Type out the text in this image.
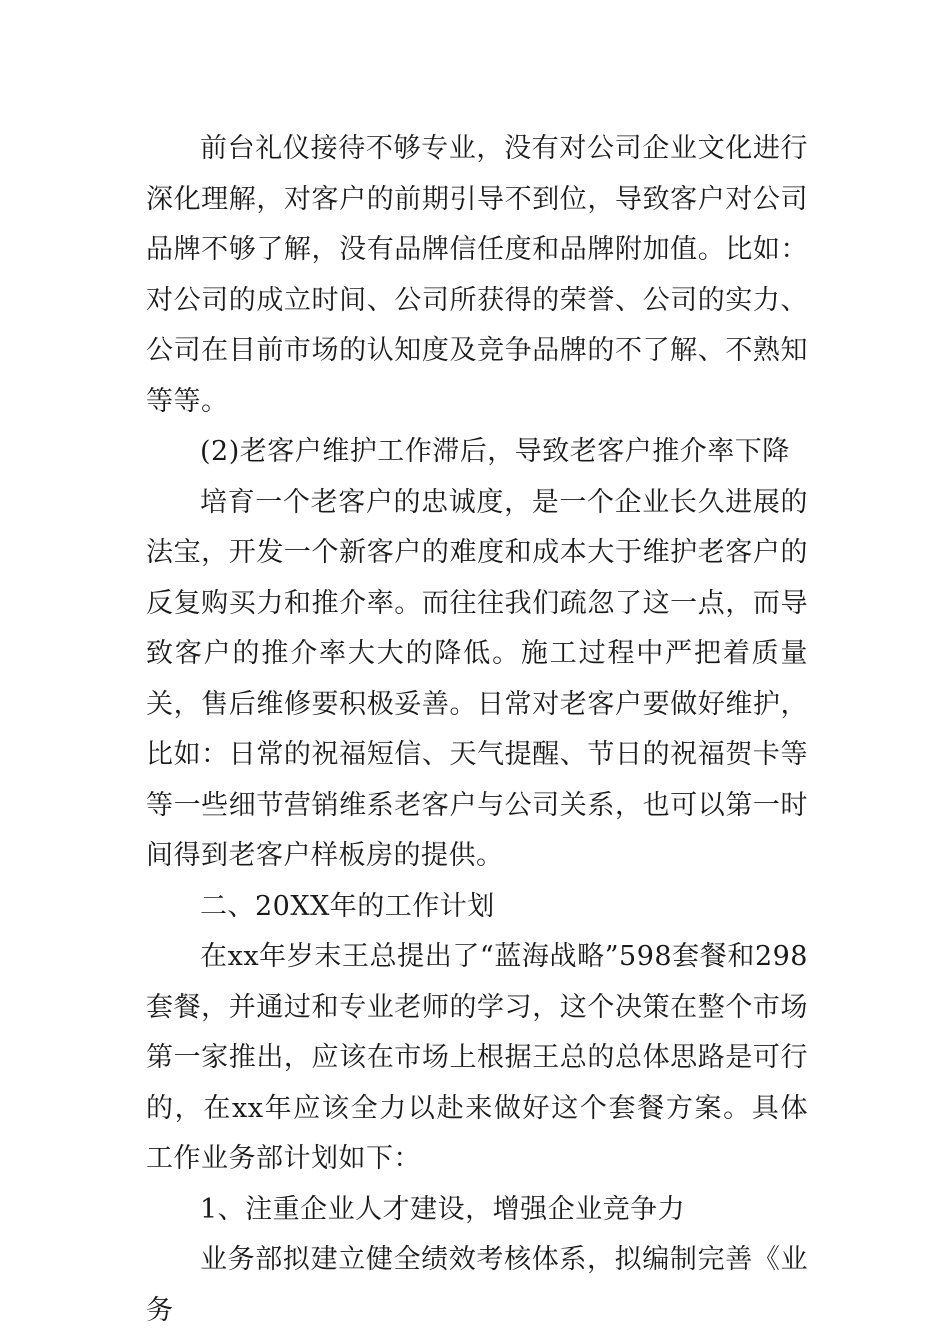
前台礼仪接待不够专业，没有对公司企业文化进行深化理解，对客户的前期引导不到位，导致客户对公司品牌不够了解，没有品牌信任度和品牌附加值。比如：对公司的成立时间、公司所获得的荣誉、公司的实力、公司在目前市场的认知度及竞争品牌的不了解、不熟知等等。

(2)老客户维护工作滞后，导致老客户推介率下降

培育一个老客户的忠诚度，是一个企业长久进展的法宝，开发一个新客户的难度和成本大于维护老客户的反复购买力和推介率。而往往我们疏忽了这一点，而导致客户的推介率大大的降低。施工过程中严把着质量关，售后维修要积极妥善。日常对老客户要做好维护，比如：日常的祝福短信、天气提醒、节日的祝福贺卡等等一些细节营销维系老客户与公司关系，也可以第一时间得到老客户样板房的提供。

二、20XX年的工作计划

在xx年岁末王总提出了“蓝海战略”598套餐和298套餐，并通过和专业老师的学习，这个决策在整个市场第一家推出，应该在市场上根据王总的总体思路是可行的，在xx年应该全力以赴来做好这个套餐方案。具体工作业务部计划如下：

1、注重企业人才建设，增强企业竞争力

业务部拟建立健全绩效考核体系，拟编制完善《业务
